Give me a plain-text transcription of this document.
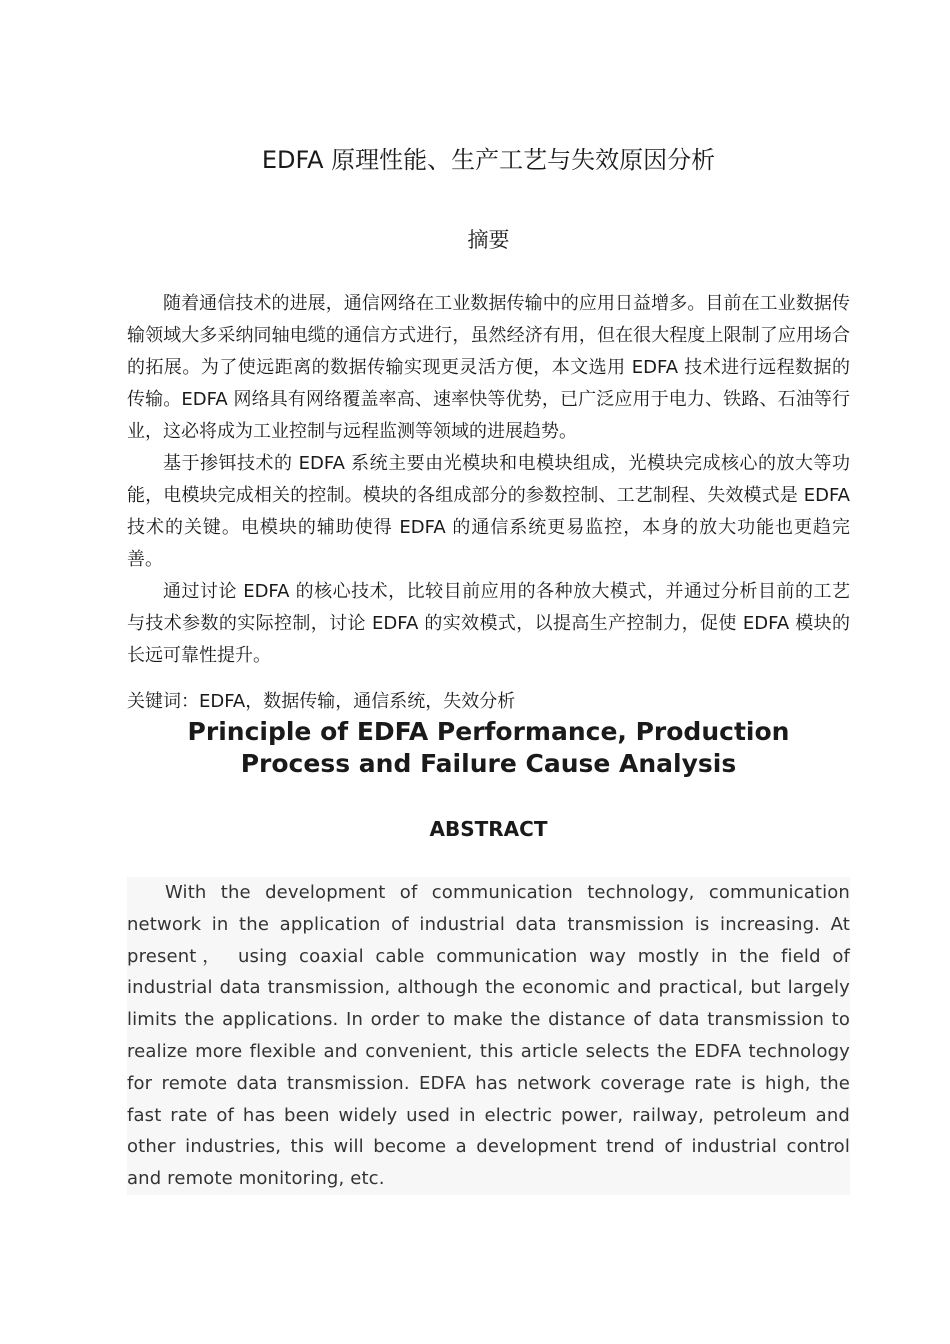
EDFA 原理性能、生产工艺与失效原因分析
摘要

随着通信技术的进展，通信网络在工业数据传输中的应用日益增多。目前在工业数据传输领域大多采纳同轴电缆的通信方式进行，虽然经济有用，但在很大程度上限制了应用场合的拓展。为了使远距离的数据传输实现更灵活方便，本文选用 EDFA 技术进行远程数据的传输。EDFA 网络具有网络覆盖率高、速率快等优势，已广泛应用于电力、铁路、石油等行业，这必将成为工业控制与远程监测等领域的进展趋势。

基于掺铒技术的 EDFA 系统主要由光模块和电模块组成，光模块完成核心的放大等功能，电模块完成相关的控制。模块的各组成部分的参数控制、工艺制程、失效模式是 EDFA 技术的关键。电模块的辅助使得 EDFA 的通信系统更易监控，本身的放大功能也更趋完善。

通过讨论 EDFA 的核心技术，比较目前应用的各种放大模式，并通过分析目前的工艺与技术参数的实际控制，讨论 EDFA 的实效模式，以提高生产控制力，促使 EDFA 模块的长远可靠性提升。

关键词：EDFA，数据传输，通信系统，失效分析
Principle of EDFA Performance, Production
Process and Failure Cause Analysis
ABSTRACT

With the development of communication technology, communication network in the application of industrial data transmission is increasing. At present， using coaxial cable communication way mostly in the field of industrial data transmission, although the economic and practical, but largely limits the applications. In order to make the distance of data transmission to realize more flexible and convenient, this article selects the EDFA technology for remote data transmission. EDFA has network coverage rate is high, the fast rate of has been widely used in electric power, railway, petroleum and other industries, this will become a development trend of industrial control and remote monitoring, etc.
